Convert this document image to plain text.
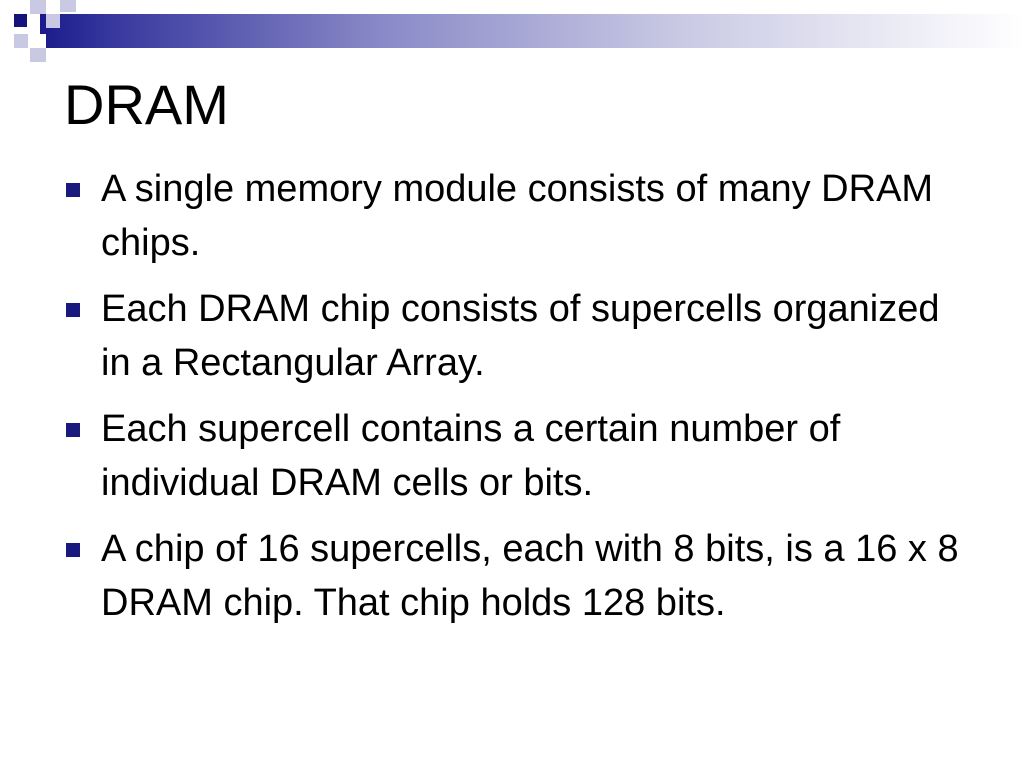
DRAM
A single memory module consists of many DRAM chips.
Each DRAM chip consists of supercells organized in a Rectangular Array.
Each supercell contains a certain number of individual DRAM cells or bits.
A chip of 16 supercells, each with 8 bits, is a 16 x 8 DRAM chip. That chip holds 128 bits.
